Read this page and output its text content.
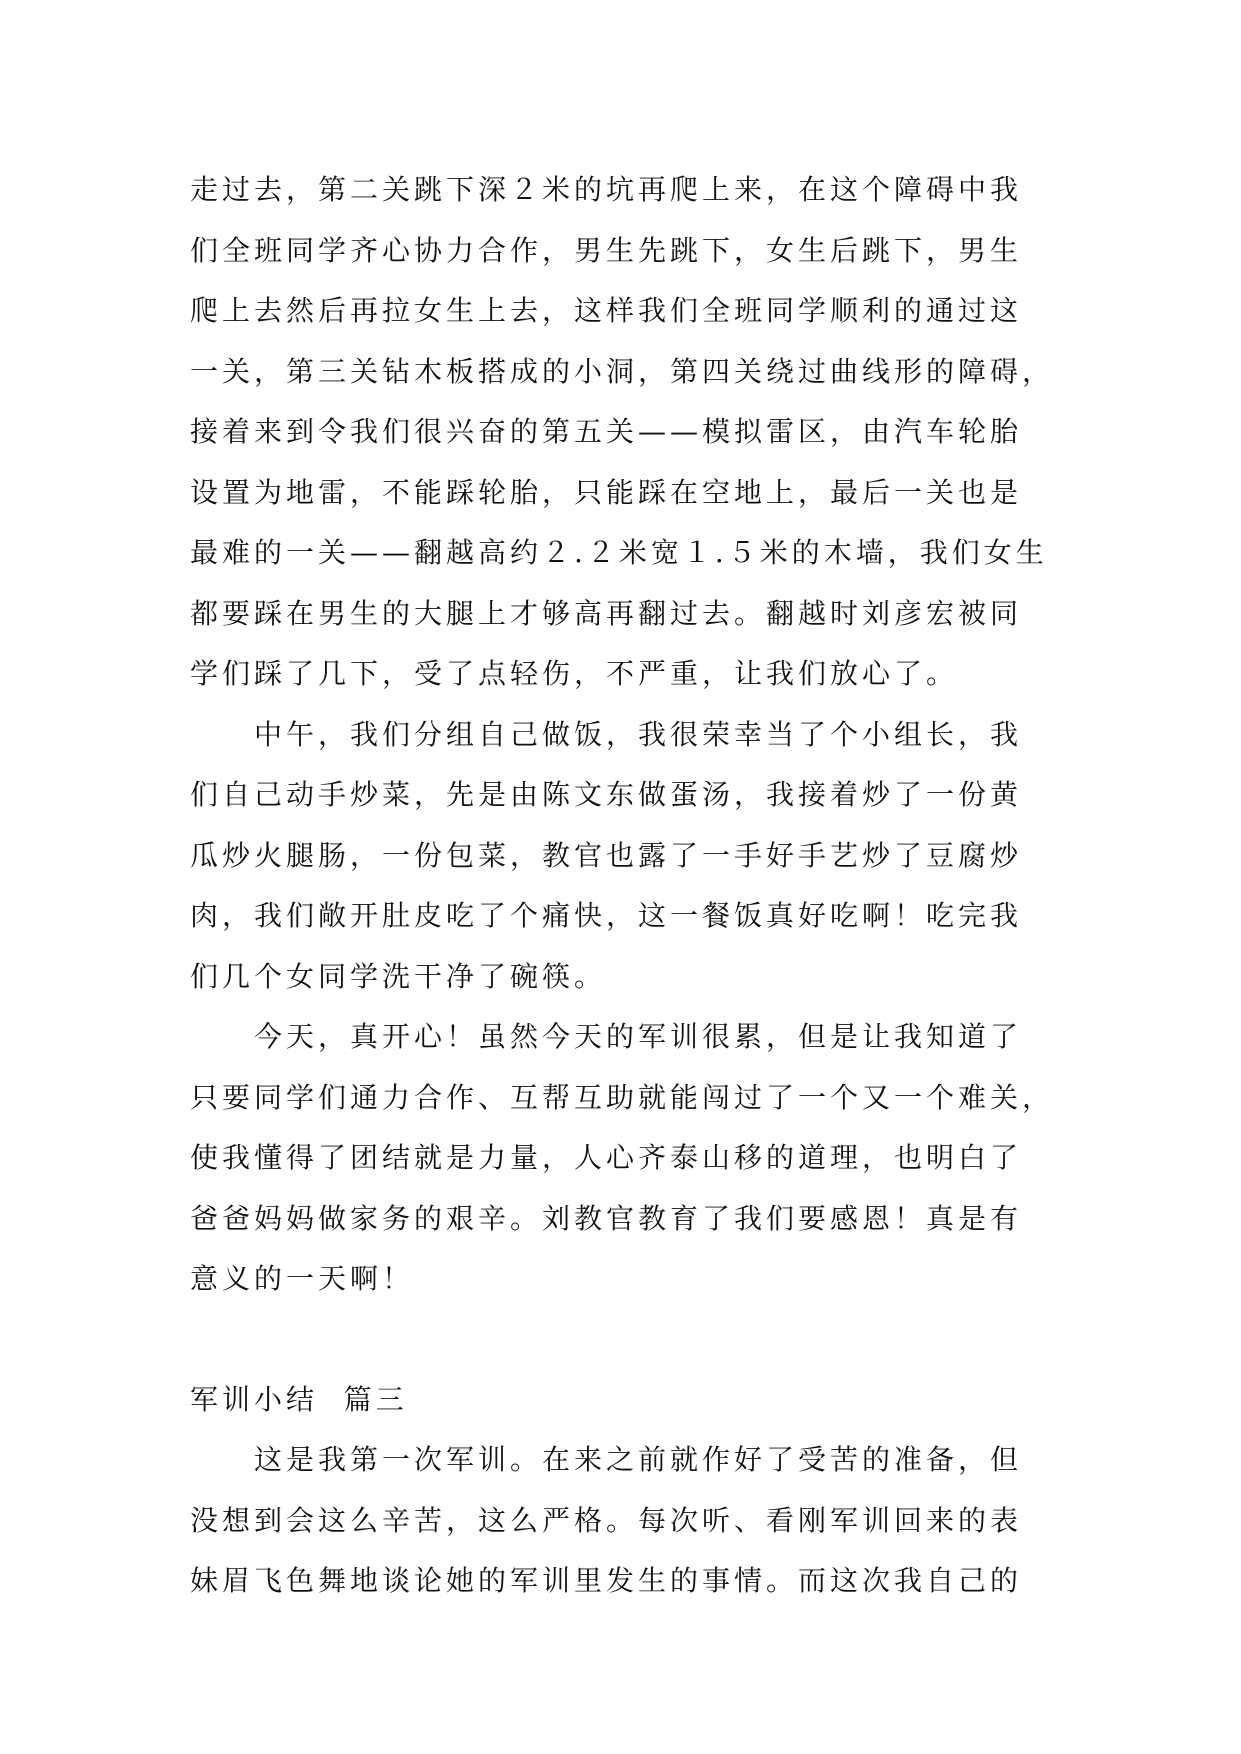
走过去，第二关跳下深２米的坑再爬上来，在这个障碍中我
们全班同学齐心协力合作，男生先跳下，女生后跳下，男生
爬上去然后再拉女生上去，这样我们全班同学顺利的通过这
一关，第三关钻木板搭成的小洞，第四关绕过曲线形的障碍，
接着来到令我们很兴奋的第五关——模拟雷区，由汽车轮胎
设置为地雷，不能踩轮胎，只能踩在空地上，最后一关也是
最难的一关——翻越高约２.２米宽１.５米的木墙，我们女生
都要踩在男生的大腿上才够高再翻过去。翻越时刘彦宏被同
学们踩了几下，受了点轻伤，不严重，让我们放心了。
　　中午，我们分组自己做饭，我很荣幸当了个小组长，我
们自己动手炒菜，先是由陈文东做蛋汤，我接着炒了一份黄
瓜炒火腿肠，一份包菜，教官也露了一手好手艺炒了豆腐炒
肉，我们敞开肚皮吃了个痛快，这一餐饭真好吃啊！吃完我
们几个女同学洗干净了碗筷。
　　今天，真开心！虽然今天的军训很累，但是让我知道了
只要同学们通力合作、互帮互助就能闯过了一个又一个难关，
使我懂得了团结就是力量，人心齐泰山移的道理，也明白了
爸爸妈妈做家务的艰辛。刘教官教育了我们要感恩！真是有
意义的一天啊！
军训小结  篇三
　　这是我第一次军训。在来之前就作好了受苦的准备，但
没想到会这么辛苦，这么严格。每次听、看刚军训回来的表
妹眉飞色舞地谈论她的军训里发生的事情。而这次我自己的
